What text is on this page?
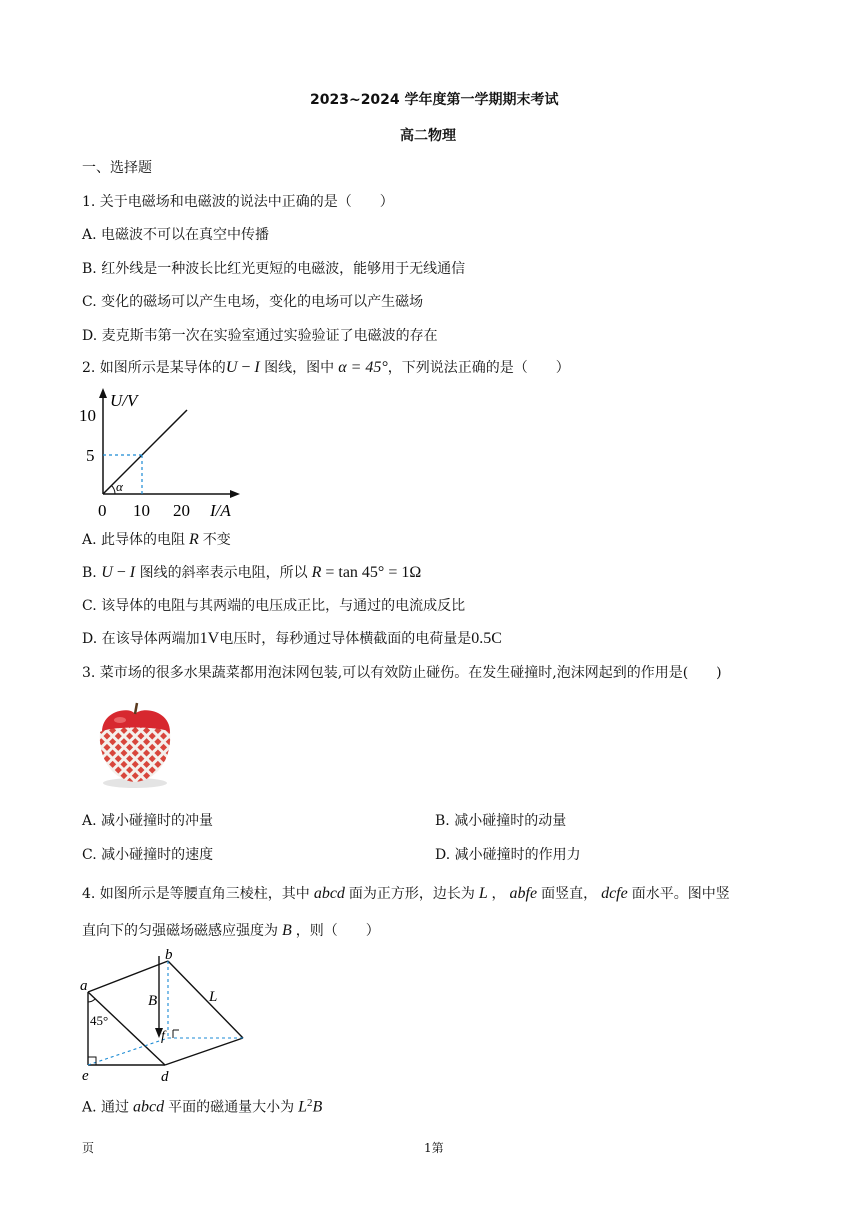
2023~2024 学年度第一学期期末考试
高二物理
一、选择题
1. 关于电磁场和电磁波的说法中正确的是（　　）
A. 电磁波不可以在真空中传播
B. 红外线是一种波长比红光更短的电磁波，能够用于无线通信
C. 变化的磁场可以产生电场，变化的电场可以产生磁场
D. 麦克斯韦第一次在实验室通过实验验证了电磁波的存在
2. 如图所示是某导体的U − I 图线，图中 α = 45°，下列说法正确的是（　　）
α
U/V
10
5
0 10 20 I/A
A. 此导体的电阻 R 不变
B. U − I 图线的斜率表示电阻，所以 R = tan 45° = 1Ω
C. 该导体的电阻与其两端的电压成正比，与通过的电流成反比
D. 在该导体两端加1V电压时，每秒通过导体横截面的电荷量是0.5C
3. 菜市场的很多水果蔬菜都用泡沫网包装,可以有效防止碰伤。在发生碰撞时,泡沫网起到的作用是(　　)
A. 减小碰撞时的冲量	B. 减小碰撞时的动量
C. 减小碰撞时的速度	D. 减小碰撞时的作用力
4. 如图所示是等腰直角三棱柱，其中 abcd 面为正方形，边长为 L ， abfe 面竖直， dcfe 面水平。图中竖
直向下的匀强磁场磁感应强度为 B ，则（　　）
a
b
B	L
45°
f
e	d
A. 通过 abcd 平面的磁通量大小为 $L^2B$
页	1第
